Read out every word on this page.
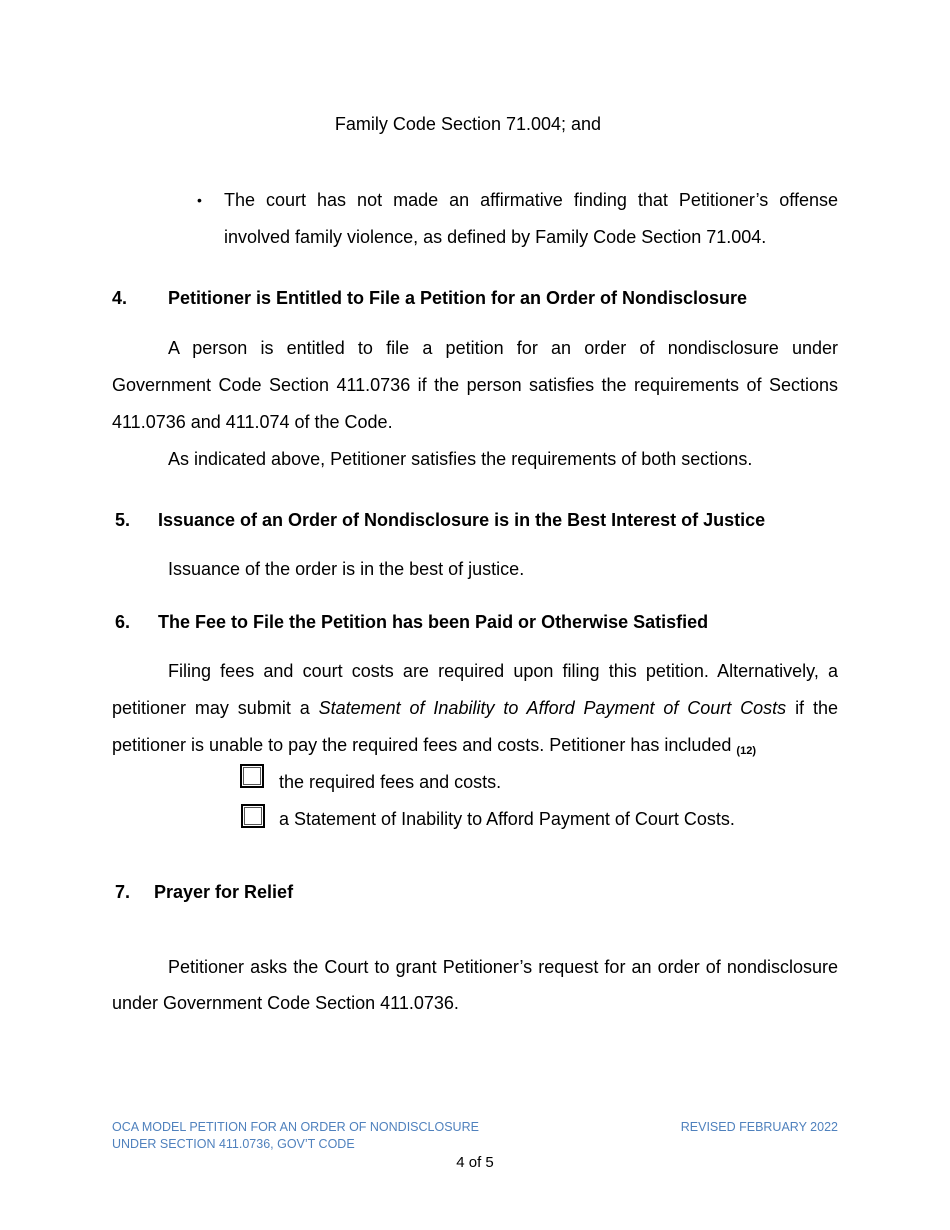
Family Code Section 71.004; and
• The court has not made an affirmative finding that Petitioner’s offense
involved family violence, as defined by Family Code Section 71.004.
4. Petitioner is Entitled to File a Petition for an Order of Nondisclosure
A person is entitled to file a petition for an order of nondisclosure under
Government Code Section 411.0736 if the person satisfies the requirements of Sections
411.0736 and 411.074 of the Code.
As indicated above, Petitioner satisfies the requirements of both sections.
5. Issuance of an Order of Nondisclosure is in the Best Interest of Justice
Issuance of the order is in the best of justice.
6. The Fee to File the Petition has been Paid or Otherwise Satisfied
Filing fees and court costs are required upon filing this petition. Alternatively, a
petitioner may submit a Statement of Inability to Afford Payment of Court Costs if the
petitioner is unable to pay the required fees and costs. Petitioner has included $_{(12)}$
the required fees and costs.
a Statement of Inability to Afford Payment of Court Costs.
7. Prayer for Relief
Petitioner asks the Court to grant Petitioner’s request for an order of nondisclosure
under Government Code Section 411.0736.
OCA MODEL PETITION FOR AN ORDER OF NONDISCLOSURE
UNDER SECTION 411.0736, GOV’T CODE
REVISED FEBRUARY 2022
4 of 5
